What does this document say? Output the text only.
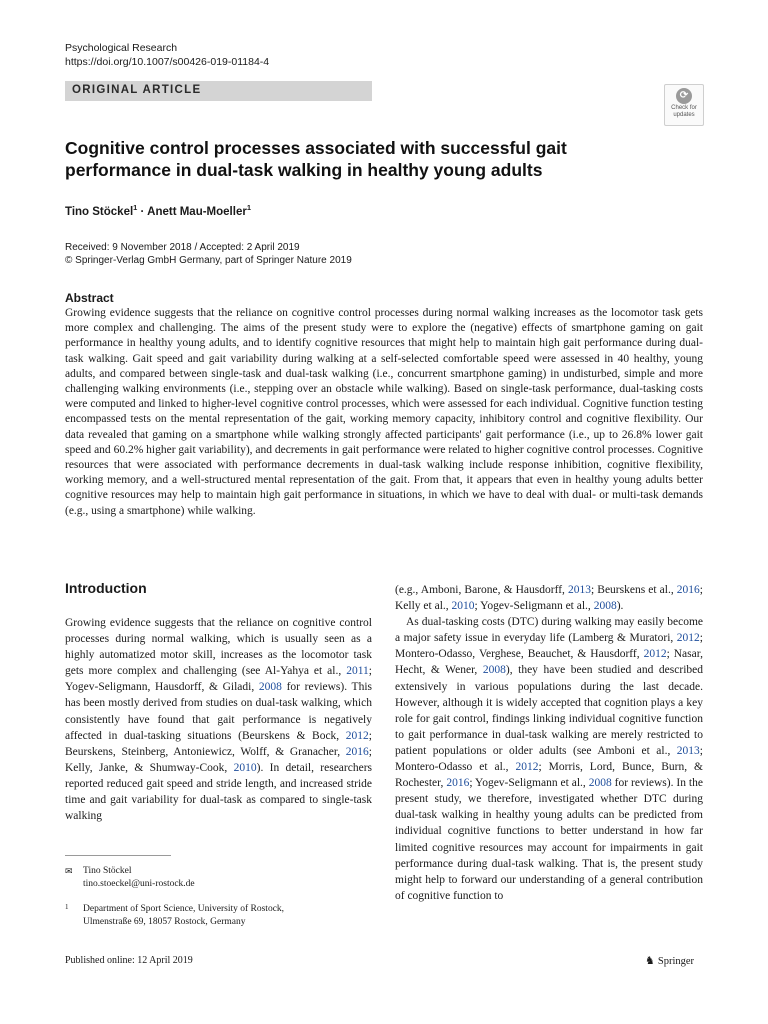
Psychological Research
https://doi.org/10.1007/s00426-019-01184-4
ORIGINAL ARTICLE	⟳
Check for
updates
Cognitive control processes associated with successful gait
performance in dual-task walking in healthy young adults
Tino Stöckel$^1$ · Anett Mau-Moeller$^1$
Received: 9 November 2018 / Accepted: 2 April 2019
© Springer-Verlag GmbH Germany, part of Springer Nature 2019
Abstract
Growing evidence suggests that the reliance on cognitive control processes during normal walking increases as the locomotor task gets more complex and challenging. The aims of the present study were to explore the (negative) effects of smartphone gaming on gait performance in healthy young adults, and to identify cognitive resources that might help to maintain high gait performance during dual-task walking. Gait speed and gait variability during walking at a self-selected comfortable speed were assessed in 40 healthy, young adults, and compared between single-task and dual-task walking (i.e., concurrent smartphone gaming) in undisturbed, simple and more challenging walking environments (i.e., stepping over an obstacle while walking). Based on single-task performance, dual-tasking costs were computed and linked to higher-level cognitive control processes, which were assessed for each individual. Cognitive function testing encompassed tests on the mental representation of the gait, working memory capacity, inhibitory control and cognitive flexibility. Our data revealed that gaming on a smartphone while walking strongly affected participants' gait performance (i.e., up to 26.8% lower gait speed and 60.2% higher gait variability), and decrements in gait performance were related to higher cognitive control processes. Cognitive resources that were associated with performance decrements in dual-task walking include response inhibition, cognitive flexibility, working memory, and a well-structured mental representation of the gait. From that, it appears that even in healthy young adults better cognitive resources may help to maintain high gait performance in situations, in which we have to deal with dual- or multi-task demands (e.g., using a smartphone) while walking.
Introduction
Growing evidence suggests that the reliance on cognitive control processes during normal walking, which is usually seen as a highly automatized motor skill, increases as the locomotor task gets more complex and challenging (see Al-Yahya et al., 2011; Yogev-Seligmann, Hausdorff, & Giladi, 2008 for reviews). This has been mostly derived from studies on dual-task walking, which consistently have found that gait performance is negatively affected in dual-tasking situations (Beurskens & Bock, 2012; Beurskens, Steinberg, Antoniewicz, Wolff, & Granacher, 2016; Kelly, Janke, & Shumway-Cook, 2010). In detail, researchers reported reduced gait speed and stride length, and increased stride time and gait variability for dual-task as compared to single-task walking

(e.g., Amboni, Barone, & Hausdorff, 2013; Beurskens et al., 2016; Kelly et al., 2010; Yogev-Seligmann et al., 2008).

As dual-tasking costs (DTC) during walking may easily become a major safety issue in everyday life (Lamberg & Muratori, 2012; Montero-Odasso, Verghese, Beauchet, & Hausdorff, 2012; Nasar, Hecht, & Wener, 2008), they have been studied and described extensively in various populations during the last decade. However, although it is widely accepted that cognition plays a key role for gait control, findings linking individual cognitive function to gait performance in dual-task walking are merely restricted to patient populations or older adults (see Amboni et al., 2013; Montero-Odasso et al., 2012; Morris, Lord, Bunce, Burn, & Rochester, 2016; Yogev-Seligmann et al., 2008 for reviews). In the present study, we therefore, investigated whether DTC during dual-task walking in healthy young adults can be predicted from individual cognitive functions to better understand in how far limited cognitive resources may account for impairments in gait performance during dual-task walking. That is, the present study might help to forward our understanding of a general contribution of cognitive function to

✉ Tino Stöckel
tino.stoeckel@uni-rostock.de
1 Department of Sport Science, University of Rostock,
Ulmenstraße 69, 18057 Rostock, Germany
Published online: 12 April 2019	♞ Springer
